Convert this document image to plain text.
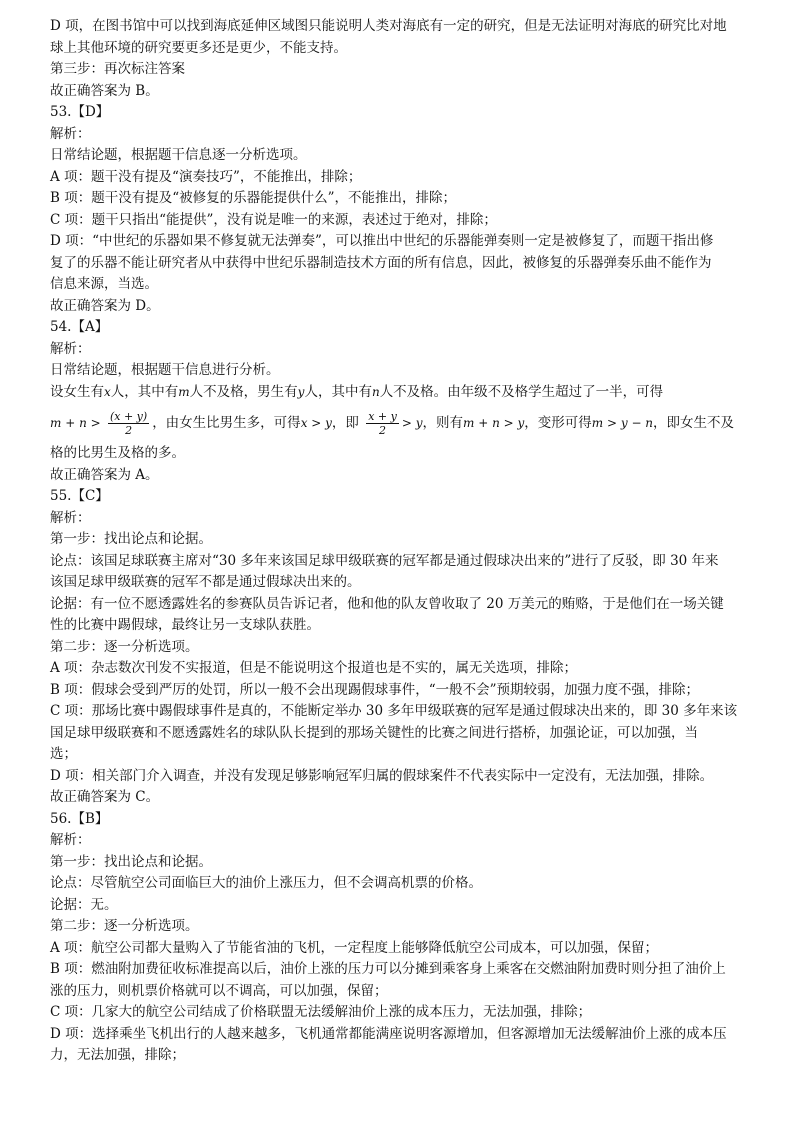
D 项，在图书馆中可以找到海底延伸区域图只能说明人类对海底有一定的研究，但是无法证明对海底的研究比对地

球上其他环境的研究要更多还是更少，不能支持。

第三步：再次标注答案

故正确答案为 B。

53.【D】

解析：

日常结论题，根据题干信息逐一分析选项。

A 项：题干没有提及“演奏技巧”，不能推出，排除；

B 项：题干没有提及“被修复的乐器能提供什么”，不能推出，排除；

C 项：题干只指出“能提供”，没有说是唯一的来源，表述过于绝对，排除；

D 项：“中世纪的乐器如果不修复就无法弹奏”，可以推出中世纪的乐器能弹奏则一定是被修复了，而题干指出修

复了的乐器不能让研究者从中获得中世纪乐器制造技术方面的所有信息，因此，被修复的乐器弹奏乐曲不能作为

信息来源，当选。

故正确答案为 D。

54.【A】

解析：

日常结论题，根据题干信息进行分析。

设女生有x人，其中有m人不及格，男生有y人，其中有n人不及格。由年级不及格学生超过了一半，可得

$m + n > \frac{(x + y)}{2}$ ，由女生比男生多，可得x > y，即 $\frac{x + y}{2} > y$，则有m + n > y，变形可得m > y − n，即女生不及

格的比男生及格的多。

故正确答案为 A。

55.【C】

解析：

第一步：找出论点和论据。

论点：该国足球联赛主席对“30 多年来该国足球甲级联赛的冠军都是通过假球决出来的”进行了反驳，即 30 年来

该国足球甲级联赛的冠军不都是通过假球决出来的。

论据：有一位不愿透露姓名的参赛队员告诉记者，他和他的队友曾收取了 20 万美元的贿赂，于是他们在一场关键

性的比赛中踢假球，最终让另一支球队获胜。

第二步：逐一分析选项。

A 项：杂志数次刊发不实报道，但是不能说明这个报道也是不实的，属无关选项，排除；

B 项：假球会受到严厉的处罚，所以一般不会出现踢假球事件，“一般不会”预期较弱，加强力度不强，排除；

C 项：那场比赛中踢假球事件是真的，不能断定举办 30 多年甲级联赛的冠军是通过假球决出来的，即 30 多年来该

国足球甲级联赛和不愿透露姓名的球队队长提到的那场关键性的比赛之间进行搭桥，加强论证，可以加强，当

选；

D 项：相关部门介入调查，并没有发现足够影响冠军归属的假球案件不代表实际中一定没有，无法加强，排除。

故正确答案为 C。

56.【B】

解析：

第一步：找出论点和论据。

论点：尽管航空公司面临巨大的油价上涨压力，但不会调高机票的价格。

论据：无。

第二步：逐一分析选项。

A 项：航空公司都大量购入了节能省油的飞机，一定程度上能够降低航空公司成本，可以加强，保留；

B 项：燃油附加费征收标准提高以后，油价上涨的压力可以分摊到乘客身上乘客在交燃油附加费时则分担了油价上

涨的压力，则机票价格就可以不调高，可以加强，保留；

C 项：几家大的航空公司结成了价格联盟无法缓解油价上涨的成本压力，无法加强，排除；

D 项：选择乘坐飞机出行的人越来越多，飞机通常都能满座说明客源增加，但客源增加无法缓解油价上涨的成本压

力，无法加强，排除；
